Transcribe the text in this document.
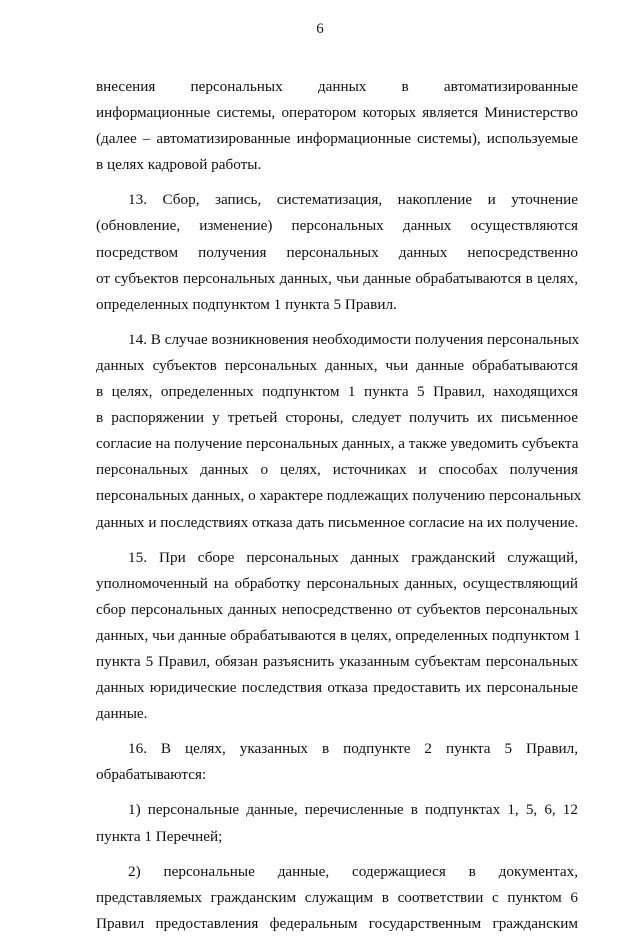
6

внесения персональных данных в автоматизированные
информационные системы, оператором которых является Министерство
(далее – автоматизированные информационные системы), используемые
в целях кадровой работы.

13. Сбор, запись, систематизация, накопление и уточнение
(обновление, изменение) персональных данных осуществляются
посредством получения персональных данных непосредственно
от субъектов персональных данных, чьи данные обрабатываются в целях,
определенных подпунктом 1 пункта 5 Правил.

14. В случае возникновения необходимости получения персональных
данных субъектов персональных данных, чьи данные обрабатываются
в целях, определенных подпунктом 1 пункта 5 Правил, находящихся
в распоряжении у третьей стороны, следует получить их письменное
согласие на получение персональных данных, а также уведомить субъекта
персональных данных о целях, источниках и способах получения
персональных данных, о характере подлежащих получению персональных
данных и последствиях отказа дать письменное согласие на их получение.

15. При сборе персональных данных гражданский служащий,
уполномоченный на обработку персональных данных, осуществляющий
сбор персональных данных непосредственно от субъектов персональных
данных, чьи данные обрабатываются в целях, определенных подпунктом 1
пункта 5 Правил, обязан разъяснить указанным субъектам персональных
данных юридические последствия отказа предоставить их персональные
данные.

16. В целях, указанных в подпункте 2 пункта 5 Правил,
обрабатываются:

1) персональные данные, перечисленные в подпунктах 1, 5, 6, 12
пункта 1 Перечней;

2) персональные данные, содержащиеся в документах,
представляемых гражданским служащим в соответствии с пунктом 6
Правил предоставления федеральным государственным гражданским
